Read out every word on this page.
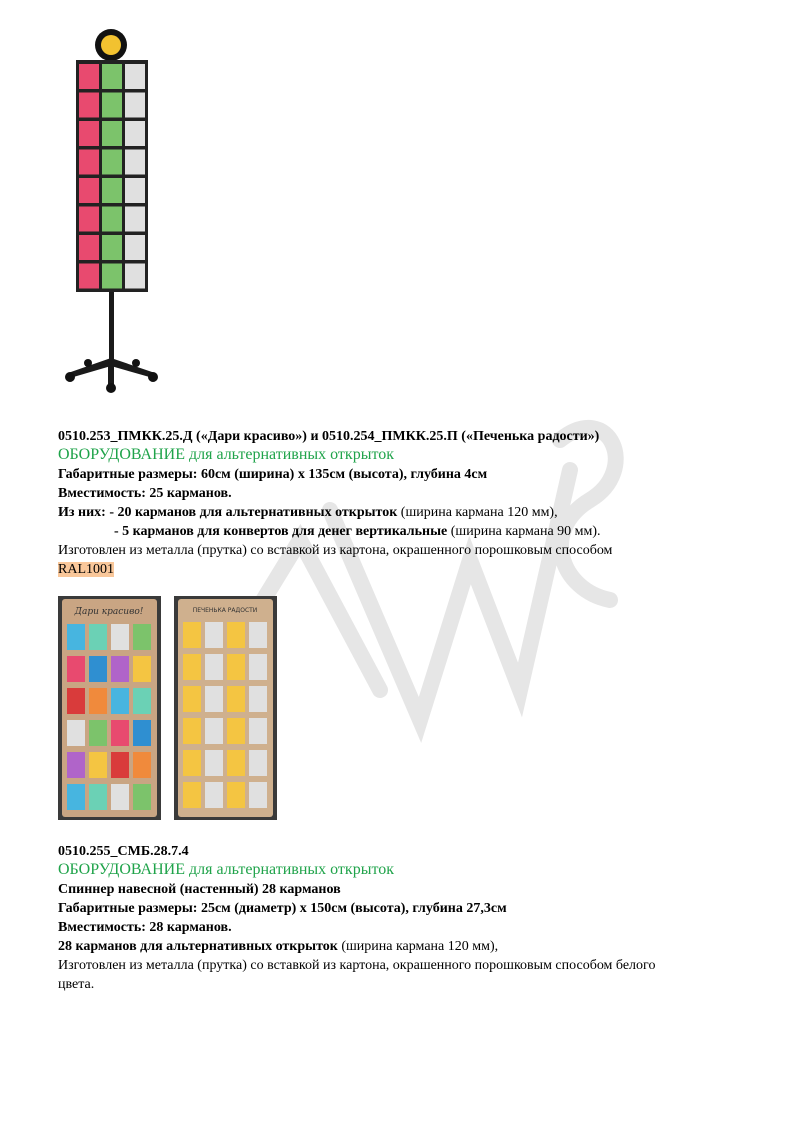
0510.253_ПМКК.25.Д («Дари красиво») и 0510.254_ПМКК.25.П («Печенька радости»)
ОБОРУДОВАНИЕ для альтернативных открыток
Габаритные размеры: 60см (ширина) х 135см (высота), глубина 4см
Вместимость: 25 карманов.
Из них: - 20 карманов для альтернативных открыток (ширина кармана 120 мм),
- 5 карманов для конвертов для денег вертикальные (ширина кармана 90 мм).
Изготовлен из металла (прутка) со вставкой из картона, окрашенного порошковым способом
RAL1001
Дари красиво!	ПЕЧЕНЬКА РАДОСТИ
0510.255_СМБ.28.7.4
ОБОРУДОВАНИЕ для альтернативных открыток
Спиннер навесной (настенный) 28 карманов
Габаритные размеры: 25см (диаметр) х 150см (высота), глубина 27,3см
Вместимость: 28 карманов.
28 карманов для альтернативных открыток (ширина кармана 120 мм),
Изготовлен из металла (прутка) со вставкой из картона, окрашенного порошковым способом белого
цвета.
